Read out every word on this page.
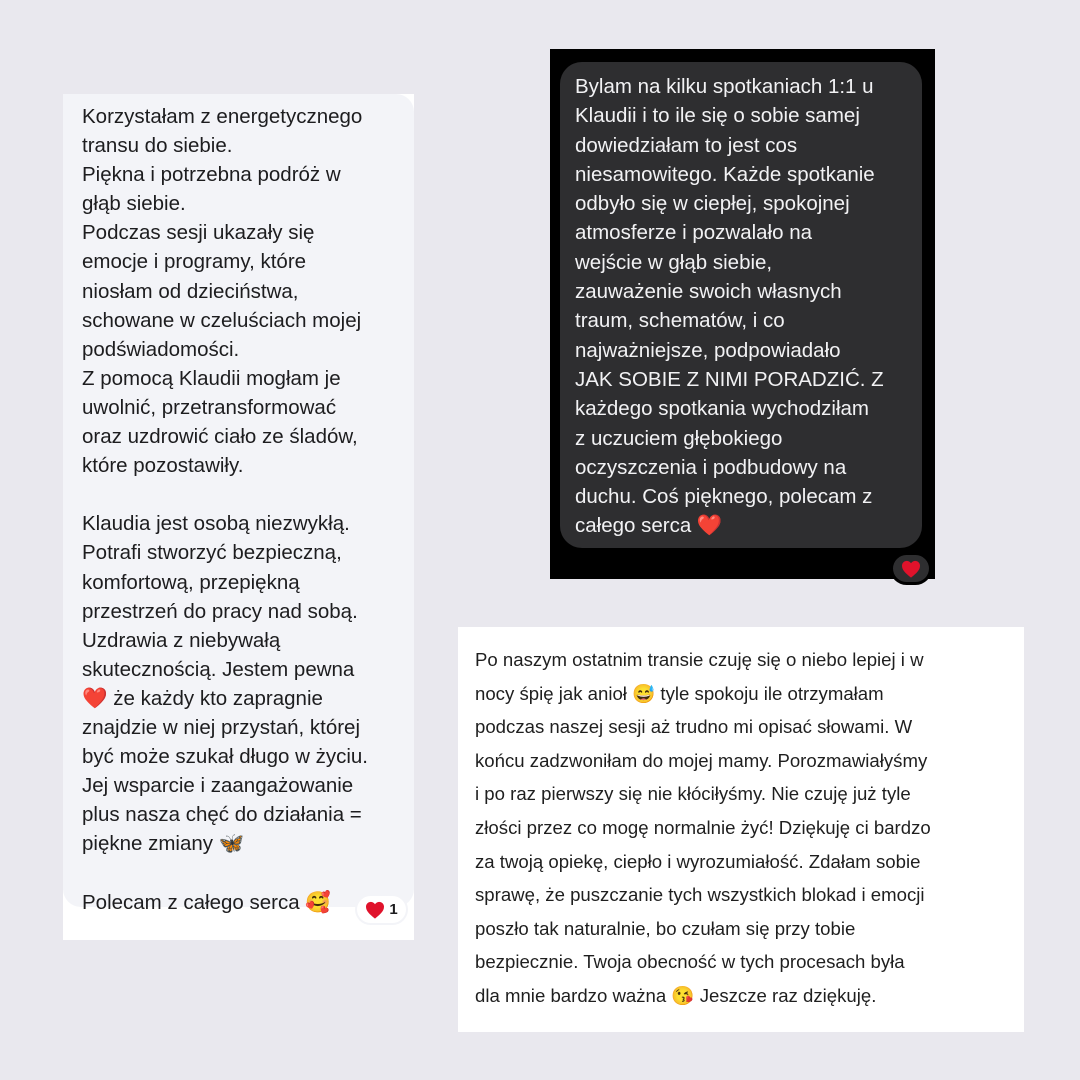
Korzystałam z energetycznego
transu do siebie.
Piękna i potrzebna podróż w
głąb siebie.
Podczas sesji ukazały się
emocje i programy, które
niosłam od dzieciństwa,
schowane w czeluściach mojej
podświadomości.
Z pomocą Klaudii mogłam je
uwolnić, przetransformować
oraz uzdrowić ciało ze śladów,
które pozostawiły.

Klaudia jest osobą niezwykłą.
Potrafi stworzyć bezpieczną,
komfortową, przepiękną
przestrzeń do pracy nad sobą.
Uzdrawia z niebywałą
skutecznością. Jestem pewna
❤️ że każdy kto zapragnie
znajdzie w niej przystań, której
być może szukał długo w życiu.
Jej wsparcie i zaangażowanie
plus nasza chęć do działania =
piękne zmiany 🦋

Polecam z całego serca 🥰	1

Bylam na kilku spotkaniach 1:1 u
Klaudii i to ile się o sobie samej
dowiedziałam to jest cos
niesamowitego. Każde spotkanie
odbyło się w ciepłej, spokojnej
atmosferze i pozwalało na
wejście w głąb siebie,
zauważenie swoich własnych
traum, schematów, i co
najważniejsze, podpowiadało
JAK SOBIE Z NIMI PORADZIĆ. Z
każdego spotkania wychodziłam
z uczuciem głębokiego
oczyszczenia i podbudowy na
duchu. Coś pięknego, polecam z
całego serca ❤️

Po naszym ostatnim transie czuję się o niebo lepiej i w
nocy śpię jak anioł 😅 tyle spokoju ile otrzymałam
podczas naszej sesji aż trudno mi opisać słowami. W
końcu zadzwoniłam do mojej mamy. Porozmawiałyśmy
i po raz pierwszy się nie kłóciłyśmy. Nie czuję już tyle
złości przez co mogę normalnie żyć! Dziękuję ci bardzo
za twoją opiekę, ciepło i wyrozumiałość. Zdałam sobie
sprawę, że puszczanie tych wszystkich blokad i emocji
poszło tak naturalnie, bo czułam się przy tobie
bezpiecznie. Twoja obecność w tych procesach była
dla mnie bardzo ważna 😘 Jeszcze raz dziękuję.
